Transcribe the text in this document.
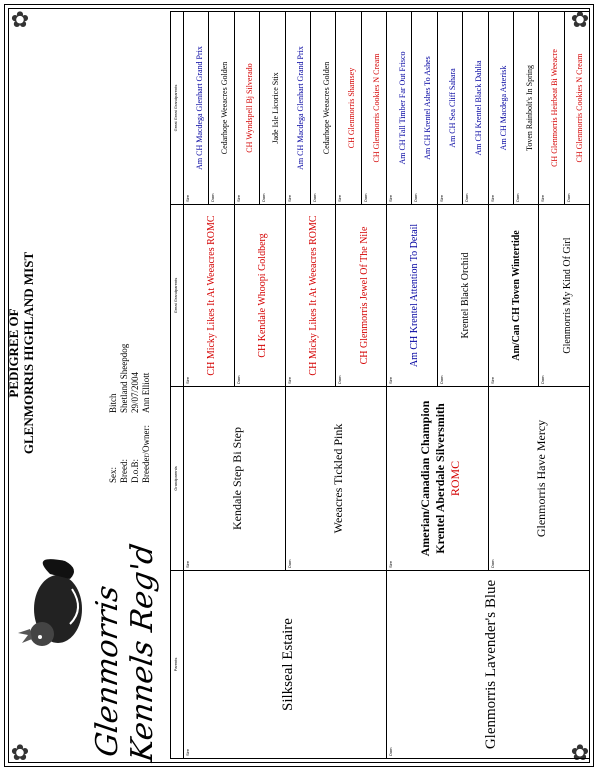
✿	✿
✿	✿
Glenmorris Kennels Reg'd
PEDIGREE OF GLENMORRIS HIGHLAND MIST
Sex:
Bitch
Breed:
Shetland Sheepdog
D.o.B:
29/07/2004
Breeder/Owner:
Ann Elliott
Parents
Sire
Silkseal Estaire
Dam
Glenmorris Lavender's Blue
Grandparents
Sire
Kendale Step Bi Step
Dam
Weeacres Tickled Pink
Sire
Amerian/Canadian Champion Krentel Aberdale Silversmith ROMC
Dam
Glenmorris Have Mercy
Great Grandparents
Sire
CH Micky Likes It At Weeacres ROMC
Dam
CH Kendale Whoopi Goldberg
Sire
CH Micky Likes It At Weeacres ROMC
Dam
CH Glenmorris Jewel Of The Nile
Sire
Am CH Krentel Attention To Detail
Dam
Krentel Black Orchid
Sire
Am/Can CH Toven Wintertide
Dam
Glenmorris My Kind Of Girl
Great Great Grandparents
Sire
Am CH Macdega Glenhart Grand Prix
Dam
Cedarhope Weeacres Golden
Sire
CH Wyndspell Bj Silverado
Dam
Jade Isle Licorice Stix
Sire
Am CH Macdega Glenhart Grand Prix
Dam
Cedarhope Weeacres Golden
Sire
CH Glenmorris Shamsey
Dam
CH Glenmorris Cookies N Cream
Sire
Am CH Tall Timber Far Out Frisco
Dam
Am CH Krentel Ashes To Ashes
Sire
Am CH Sea Cliff Sahara
Dam
Am CH Krentel Black Dahlia
Sire
Am CH Macdega Asterisk
Dam
Toven Rainbolt's In Spring
Sire
CH Glenmorris Heirbeat Bi Weeacre
Dam
CH Glenmorris Cookies N Cream
